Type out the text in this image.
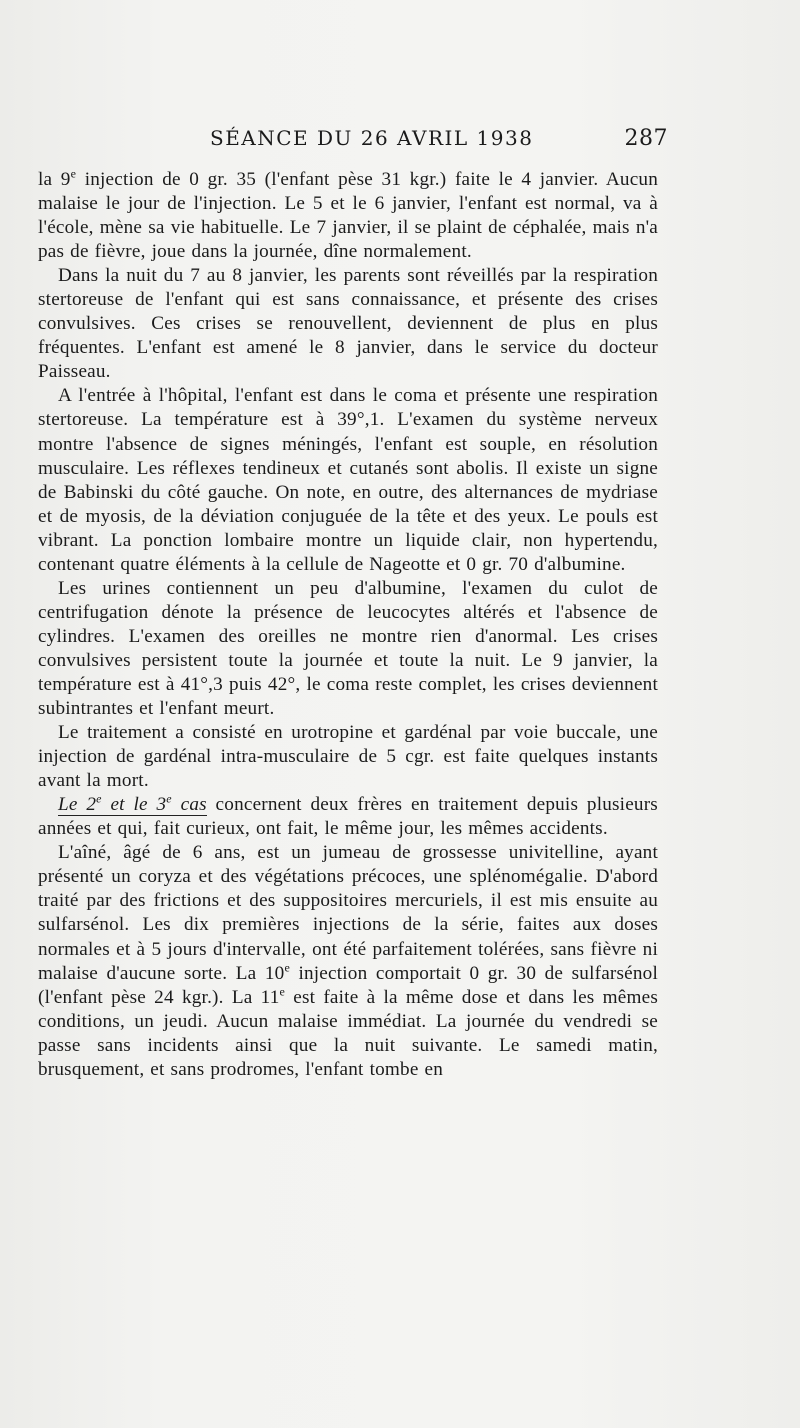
SÉANCE DU 26 AVRIL 1938	287

la 9e injection de 0 gr. 35 (l'enfant pèse 31 kgr.) faite le 4 janvier. Aucun malaise le jour de l'injection. Le 5 et le 6 janvier, l'enfant est normal, va à l'école, mène sa vie habituelle. Le 7 janvier, il se plaint de céphalée, mais n'a pas de fièvre, joue dans la journée, dîne normalement.

Dans la nuit du 7 au 8 janvier, les parents sont réveillés par la respiration stertoreuse de l'enfant qui est sans connaissance, et présente des crises convulsives. Ces crises se renouvellent, deviennent de plus en plus fréquentes. L'enfant est amené le 8 janvier, dans le service du docteur Paisseau.

A l'entrée à l'hôpital, l'enfant est dans le coma et présente une respiration stertoreuse. La température est à 39°,1. L'examen du système nerveux montre l'absence de signes méningés, l'enfant est souple, en résolution musculaire. Les réflexes tendineux et cutanés sont abolis. Il existe un signe de Babinski du côté gauche. On note, en outre, des alternances de mydriase et de myosis, de la déviation conjuguée de la tête et des yeux. Le pouls est vibrant. La ponction lombaire montre un liquide clair, non hypertendu, contenant quatre éléments à la cellule de Nageotte et 0 gr. 70 d'albumine.

Les urines contiennent un peu d'albumine, l'examen du culot de centrifugation dénote la présence de leucocytes altérés et l'absence de cylindres. L'examen des oreilles ne montre rien d'anormal. Les crises convulsives persistent toute la journée et toute la nuit. Le 9 janvier, la température est à 41°,3 puis 42°, le coma reste complet, les crises deviennent subintrantes et l'enfant meurt.

Le traitement a consisté en urotropine et gardénal par voie buccale, une injection de gardénal intra-musculaire de 5 cgr. est faite quelques instants avant la mort.

Le 2e et le 3e cas concernent deux frères en traitement depuis plusieurs années et qui, fait curieux, ont fait, le même jour, les mêmes accidents.

L'aîné, âgé de 6 ans, est un jumeau de grossesse univitelline, ayant présenté un coryza et des végétations précoces, une splénomégalie. D'abord traité par des frictions et des suppositoires mercuriels, il est mis ensuite au sulfarsénol. Les dix premières injections de la série, faites aux doses normales et à 5 jours d'intervalle, ont été parfaitement tolérées, sans fièvre ni malaise d'aucune sorte. La 10e injection comportait 0 gr. 30 de sulfarsénol (l'enfant pèse 24 kgr.). La 11e est faite à la même dose et dans les mêmes conditions, un jeudi. Aucun malaise immédiat. La journée du vendredi se passe sans incidents ainsi que la nuit suivante. Le samedi matin, brusquement, et sans prodromes, l'enfant tombe en
